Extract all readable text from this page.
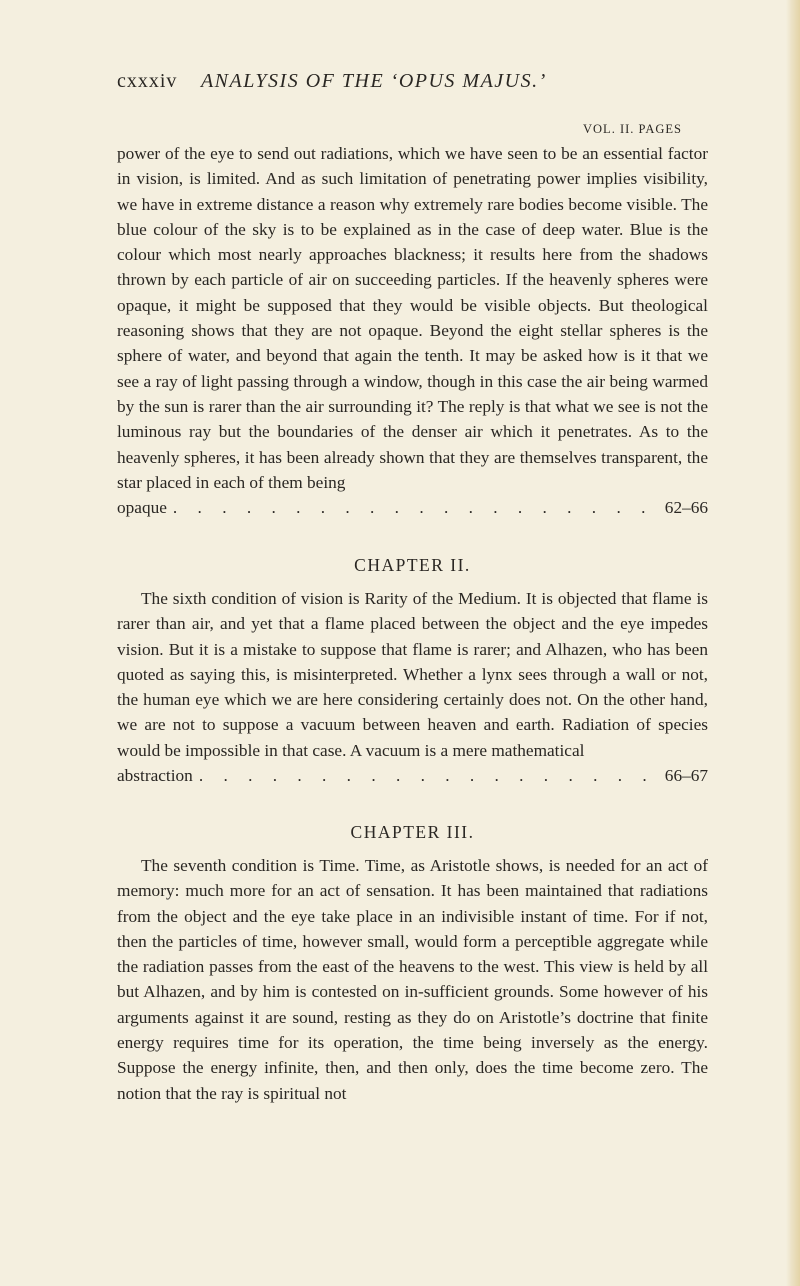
cxxxiv ANALYSIS OF THE ‘OPUS MAJUS.’
VOL. II. PAGES

power of the eye to send out radiations, which we have seen to be an essential factor in vision, is limited. And as such limitation of penetrating power implies visibility, we have in extreme distance a reason why extremely rare bodies become visible. The blue colour of the sky is to be explained as in the case of deep water. Blue is the colour which most nearly approaches blackness; it results here from the shadows thrown by each particle of air on succeeding particles. If the heavenly spheres were opaque, it might be supposed that they would be visible objects. But theological reasoning shows that they are not opaque. Beyond the eight stellar spheres is the sphere of water, and beyond that again the tenth. It may be asked how is it that we see a ray of light passing through a window, though in this case the air being warmed by the sun is rarer than the air surrounding it? The reply is that what we see is not the luminous ray but the boundaries of the denser air which it penetrates. As to the heavenly spheres, it has been already shown that they are themselves transparent, the star placed in each of them being

opaque . . .	62–66
CHAPTER II.

The sixth condition of vision is Rarity of the Medium. It is objected that flame is rarer than air, and yet that a flame placed between the object and the eye impedes vision. But it is a mistake to suppose that flame is rarer; and Alhazen, who has been quoted as saying this, is misinterpreted. Whether a lynx sees through a wall or not, the human eye which we are here considering certainly does not. On the other hand, we are not to suppose a vacuum between heaven and earth. Radiation of species would be impossible in that case. A vacuum is a mere mathematical

abstraction . . .	66–67
CHAPTER III.

The seventh condition is Time. Time, as Aristotle shows, is needed for an act of memory: much more for an act of sensation. It has been maintained that radiations from the object and the eye take place in an indivisible instant of time. For if not, then the particles of time, however small, would form a perceptible aggregate while the radiation passes from the east of the heavens to the west. This view is held by all but Alhazen, and by him is contested on in-sufficient grounds. Some however of his arguments against it are sound, resting as they do on Aristotle’s doctrine that finite energy requires time for its operation, the time being inversely as the energy. Suppose the energy infinite, then, and then only, does the time become zero. The notion that the ray is spiritual not
